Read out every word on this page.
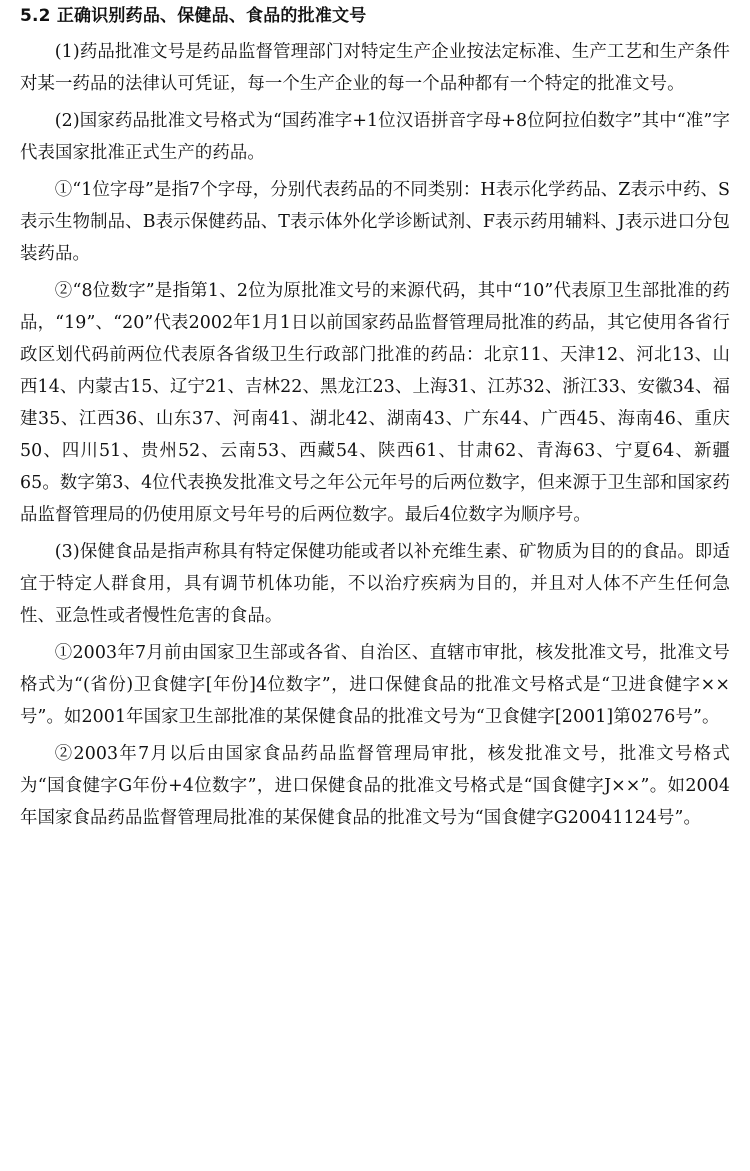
5.2 正确识别药品、保健品、食品的批准文号

(1)药品批准文号是药品监督管理部门对特定生产企业按法定标准、生产工艺和生产条件对某一药品的法律认可凭证，每一个生产企业的每一个品种都有一个特定的批准文号。

(2)国家药品批准文号格式为“国药准字+1位汉语拼音字母+8位阿拉伯数字”其中“准”字代表国家批准正式生产的药品。

①“1位字母”是指7个字母，分别代表药品的不同类别：H表示化学药品、Z表示中药、S表示生物制品、B表示保健药品、T表示体外化学诊断试剂、F表示药用辅料、J表示进口分包装药品。

②“8位数字”是指第1、2位为原批准文号的来源代码，其中“10”代表原卫生部批准的药品，“19”、“20”代表2002年1月1日以前国家药品监督管理局批准的药品，其它使用各省行政区划代码前两位代表原各省级卫生行政部门批准的药品：北京11、天津12、河北13、山西14、内蒙古15、辽宁21、吉林22、黑龙江23、上海31、江苏32、浙江33、安徽34、福建35、江西36、山东37、河南41、湖北42、湖南43、广东44、广西45、海南46、重庆50、四川51、贵州52、云南53、西藏54、陕西61、甘肃62、青海63、宁夏64、新疆65。数字第3、4位代表换发批准文号之年公元年号的后两位数字，但来源于卫生部和国家药品监督管理局的仍使用原文号年号的后两位数字。最后4位数字为顺序号。

(3)保健食品是指声称具有特定保健功能或者以补充维生素、矿物质为目的的食品。即适宜于特定人群食用，具有调节机体功能，不以治疗疾病为目的，并且对人体不产生任何急性、亚急性或者慢性危害的食品。

①2003年7月前由国家卫生部或各省、自治区、直辖市审批，核发批准文号，批准文号格式为“(省份)卫食健字[年份]4位数字”，进口保健食品的批准文号格式是“卫进食健字××号”。如2001年国家卫生部批准的某保健食品的批准文号为“卫食健字[2001]第0276号”。

②2003年7月以后由国家食品药品监督管理局审批，核发批准文号，批准文号格式为“国食健字G年份+4位数字”，进口保健食品的批准文号格式是“国食健字J××”。如2004年国家食品药品监督管理局批准的某保健食品的批准文号为“国食健字G20041124号”。
